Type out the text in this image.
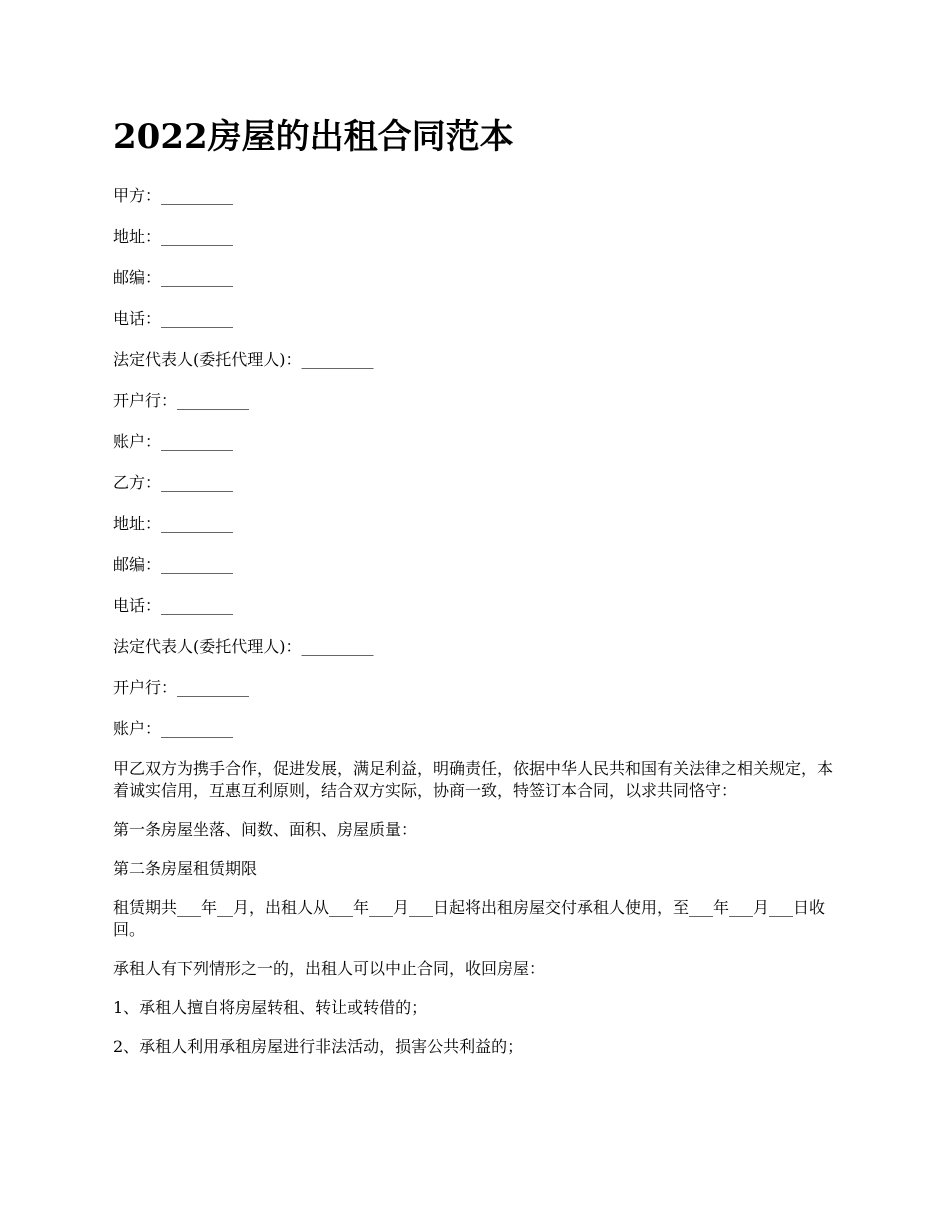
2022房屋的出租合同范本

甲方：_________

地址：_________

邮编：_________

电话：_________

法定代表人(委托代理人)：_________

开户行：_________

账户：_________

乙方：_________

地址：_________

邮编：_________

电话：_________

法定代表人(委托代理人)：_________

开户行：_________

账户：_________

甲乙双方为携手合作，促进发展，满足利益，明确责任，依据中华人民共和国有关法律之相关规定，本着诚实信用，互惠互利原则，结合双方实际，协商一致，特签订本合同，以求共同恪守：

第一条房屋坐落、间数、面积、房屋质量：

第二条房屋租赁期限

租赁期共___年__月，出租人从___年___月___日起将出租房屋交付承租人使用，至___年___月___日收回。

承租人有下列情形之一的，出租人可以中止合同，收回房屋：

1、承租人擅自将房屋转租、转让或转借的；

2、承租人利用承租房屋进行非法活动，损害公共利益的；
